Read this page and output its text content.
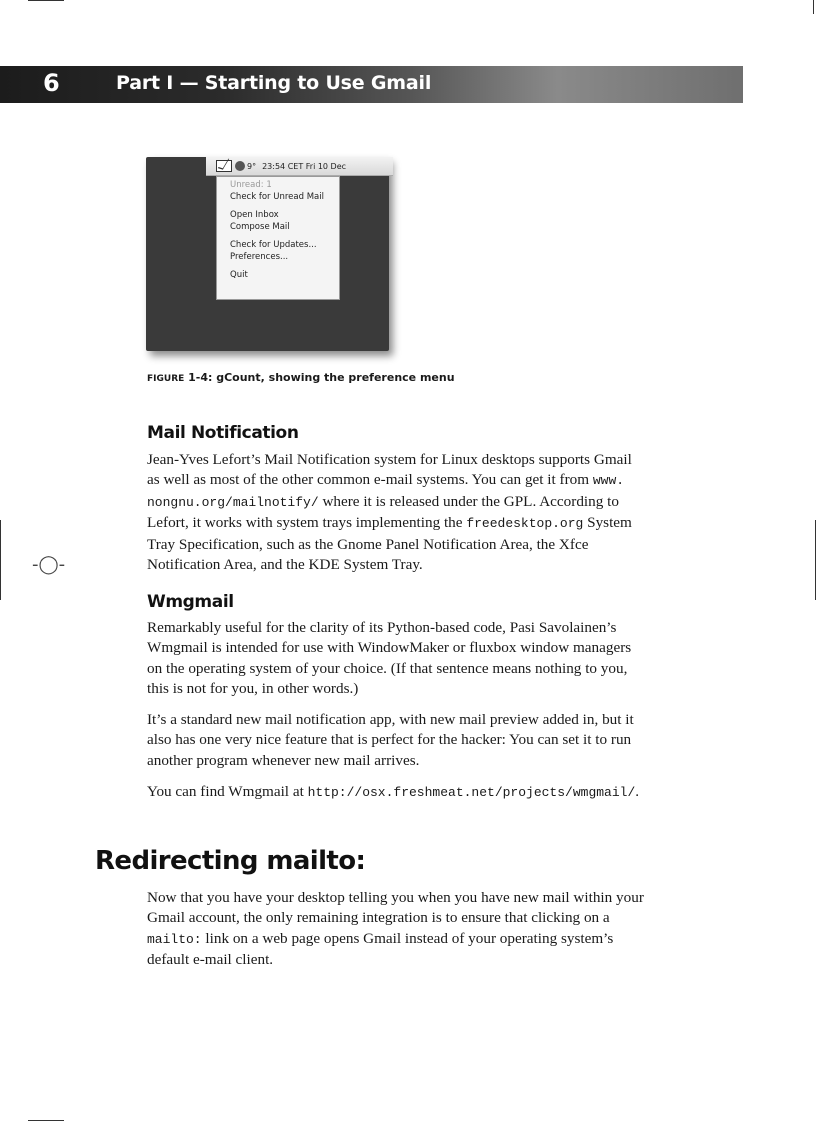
-◯-
6	Part I — Starting to Use Gmail
9° 23:54 CET Fri 10 Dec
Unread: 1
Check for Unread Mail
Open Inbox
Compose Mail
Check for Updates...
Preferences...
Quit
FIGURE 1-4: gCount, showing the preference menu
Mail Notification
Jean-Yves Lefort’s Mail Notification system for Linux desktops supports Gmail
as well as most of the other common e-mail systems. You can get it from www.
nongnu.org/mailnotify/ where it is released under the GPL. According to
Lefort, it works with system trays implementing the freedesktop.org System
Tray Specification, such as the Gnome Panel Notification Area, the Xfce
Notification Area, and the KDE System Tray.
Wmgmail
Remarkably useful for the clarity of its Python-based code, Pasi Savolainen’s
Wmgmail is intended for use with WindowMaker or fluxbox window managers
on the operating system of your choice. (If that sentence means nothing to you,
this is not for you, in other words.)
It’s a standard new mail notification app, with new mail preview added in, but it
also has one very nice feature that is perfect for the hacker: You can set it to run
another program whenever new mail arrives.
You can find Wmgmail at http://osx.freshmeat.net/projects/wmgmail/.
Redirecting mailto:
Now that you have your desktop telling you when you have new mail within your
Gmail account, the only remaining integration is to ensure that clicking on a
mailto: link on a web page opens Gmail instead of your operating system’s
default e-mail client.
